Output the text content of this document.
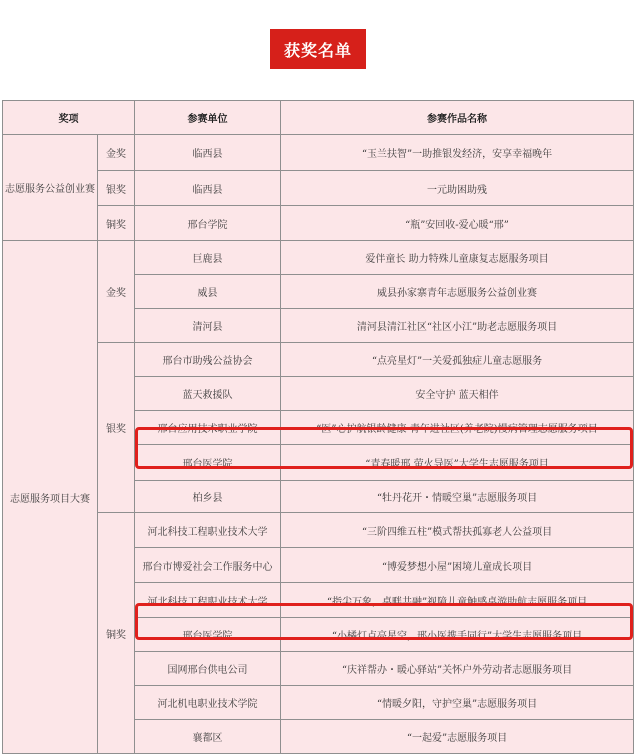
获奖名单
奖项		参赛单位	参赛作品名称
志愿服务公益创业赛	金奖	临西县	“玉兰扶智”一助推银发经济，安享幸福晚年
	银奖	临西县	一元助困助残
	铜奖	邢台学院	“瓶”安回收-爱心暖“邢”
志愿服务项目大赛	金奖	巨鹿县	爱伴童长 助力特殊儿童康复志愿服务项目
		威县	威县孙家寨青年志愿服务公益创业赛
		清河县	清河县清江社区“社区小江”助老志愿服务项目
	银奖	邢台市助残公益协会	“点亮星灯”一关爱孤独症儿童志愿服务
		蓝天救援队	安全守护 蓝天相伴
		邢台应用技术职业学院	“医”心护航银龄健康-青年进社区(养老院)慢病管理志愿服务项目
		邢台医学院	“青春暖邢 萤火导医”大学生志愿服务项目
		柏乡县	“牡丹花开・情暖空巢”志愿服务项目
	铜奖	河北科技工程职业技术大学	“三阶四维五柱”模式帮扶孤寡老人公益项目
		邢台市博爱社会工作服务中心	“博爱梦想小屋”困境儿童成长项目
		河北科技工程职业技术大学	“指尖万象，桌畔共融”视障儿童触感桌游助航志愿服务项目
		邢台医学院	“小橘灯点亮星空，邢小医携手同行”大学生志愿服务项目
		国网邢台供电公司	“庆祥帮办・暖心驿站”关怀户外劳动者志愿服务项目
		河北机电职业技术学院	“情暖夕阳，守护空巢”志愿服务项目
		襄都区	“一起爱”志愿服务项目
